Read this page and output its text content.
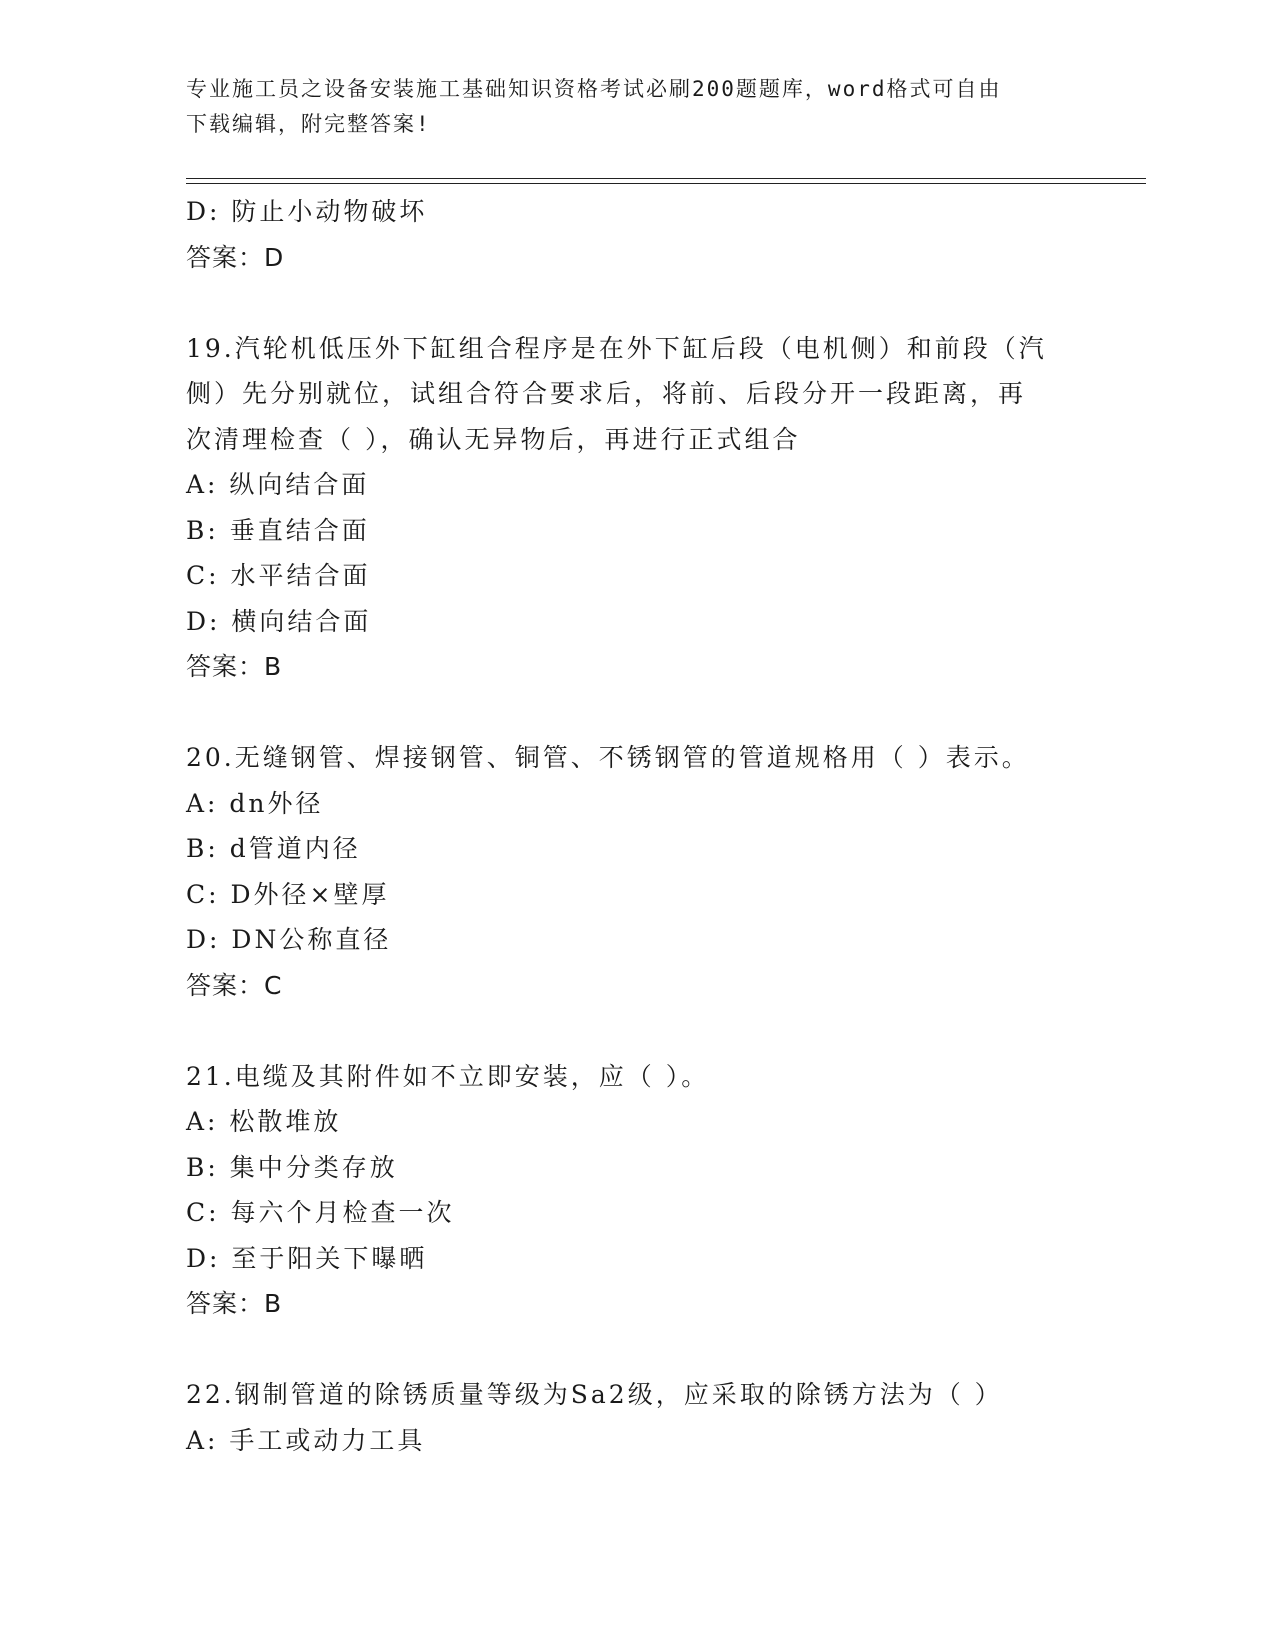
专业施工员之设备安装施工基础知识资格考试必刷200题题库，word格式可自由
下载编辑，附完整答案!
D: 防止小动物破坏
答案：D
19.汽轮机低压外下缸组合程序是在外下缸后段（电机侧）和前段（汽
侧）先分别就位，试组合符合要求后，将前、后段分开一段距离，再
次清理检查（ ），确认无异物后，再进行正式组合
A: 纵向结合面
B: 垂直结合面
C: 水平结合面
D: 横向结合面
答案：B
20.无缝钢管、焊接钢管、铜管、不锈钢管的管道规格用（ ）表示。
A: dn外径
B: d管道内径
C: D外径×壁厚
D: DN公称直径
答案：C
21.电缆及其附件如不立即安装，应（ ）。
A: 松散堆放
B: 集中分类存放
C: 每六个月检查一次
D: 至于阳关下曝晒
答案：B
22.钢制管道的除锈质量等级为Sa2级，应采取的除锈方法为（ ）
A: 手工或动力工具
